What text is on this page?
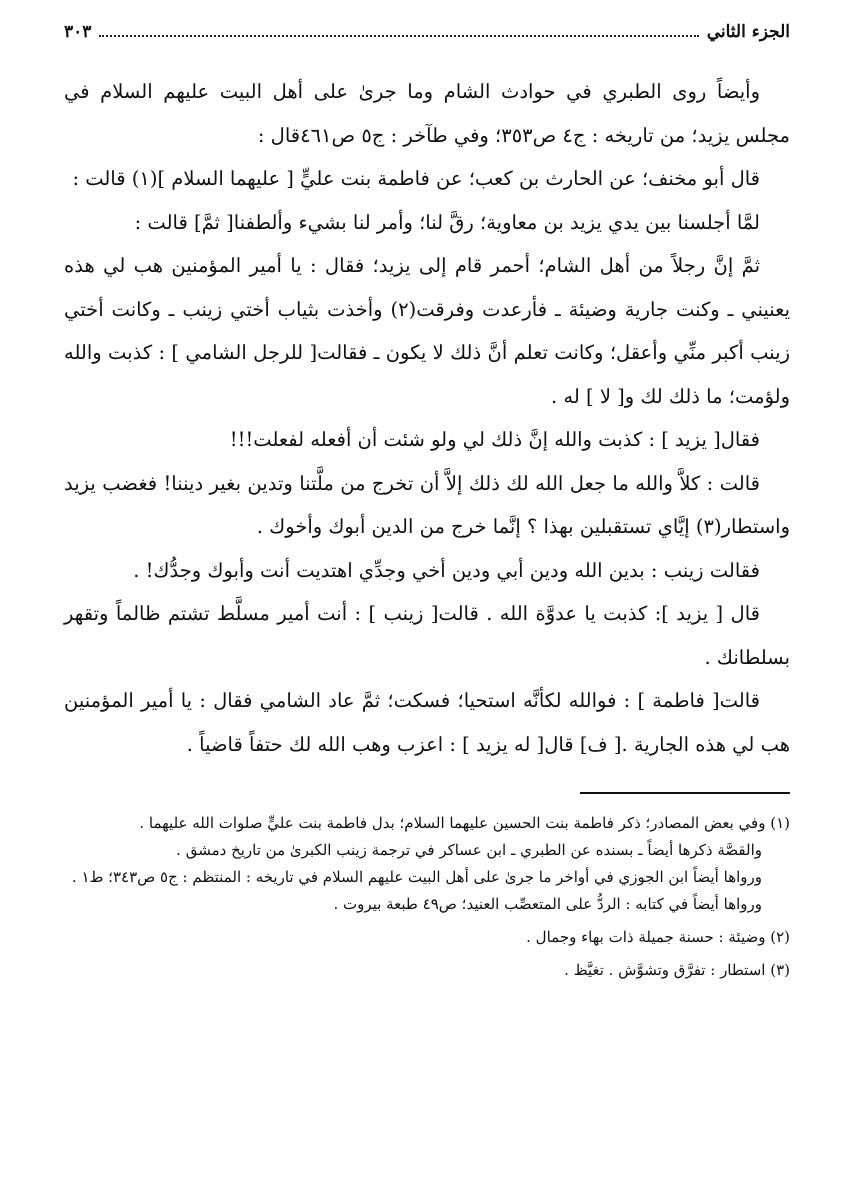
الجزء الثاني
٣٠٣

وأيضاً روى الطبري في حوادث الشام وما جرىٰ على أهل البيت عليهم السلام في مجلس يزيد؛ من تاريخه : ج٤ ص٣٥٣؛ وفي طآخر : ج٥ ص٤٦١قال :

قال أبو مخنف؛ عن الحارث بن كعب؛ عن فاطمة بنت عليٍّ [ عليهما السلام ](١) قالت :

لمَّا أجلسنا بين يدي يزيد بن معاوية؛ رقَّ لنا؛ وأمر لنا بشيء وألطفنا[ ثمَّ] قالت :

ثمَّ إنَّ رجلاً من أهل الشام؛ أحمر قام إلى يزيد؛ فقال : يا أمير المؤمنين هب لي هذه يعنيني ـ وكنت جارية وضيئة ـ فأرعدت وفرقت(٢) وأخذت بثياب أختي زينب ـ وكانت أختي زينب أكبر منِّي وأعقل؛ وكانت تعلم أنَّ ذلك لا يكون ـ فقالت[ للرجل الشامي ] : كذبت والله ولؤمت؛ ما ذلك لك و[ لا ] له .

فقال[ يزيد ] : كذبت والله إنَّ ذلك لي ولو شئت أن أفعله لفعلت!!!

قالت : كلاَّ والله ما جعل الله لك ذلك إلاَّ أن تخرج من ملَّتنا وتدين بغير ديننا! فغضب يزيد واستطار(٣) إيَّاي تستقبلين بهذا ؟ إنَّما خرج من الدين أبوك وأخوك .

فقالت زينب : بدين الله ودين أبي ودين أخي وجدِّي اهتديت أنت وأبوك وجدُّك! .

قال [ يزيد ]: كذبت يا عدوَّة الله . قالت[ زينب ] : أنت أمير مسلَّط تشتم ظالماً وتقهر بسلطانك .

قالت[ فاطمة ] : فوالله لكأنَّه استحيا؛ فسكت؛ ثمَّ عاد الشامي فقال : يا أمير المؤمنين هب لي هذه الجارية .[ ف] قال[ له يزيد ] : اعزب وهب الله لك حتفاً قاضياً .

(١) وفي بعض المصادر؛ ذكر فاطمة بنت الحسين عليهما السلام؛ بدل فاطمة بنت عليٍّ صلوات الله عليهما .

والقصَّة ذكرها أيضاً ـ بسنده عن الطبري ـ ابن عساكر في ترجمة زينب الكبرىٰ من تاريخ دمشق .

ورواها أيضاً ابن الجوزي في أواخر ما جرىٰ على أهل البيت عليهم السلام في تاريخه : المنتظم : ج٥ ص٣٤٣؛ ط١ .

ورواها أيضاً في كتابه : الردُّ على المتعصِّب العنيد؛ ص٤٩ طبعة بيروت .

(٢) وضيئة : حسنة جميلة ذات بهاء وجمال .

(٣) استطار : تفرَّق وتشوَّش . تغيَّظ .
